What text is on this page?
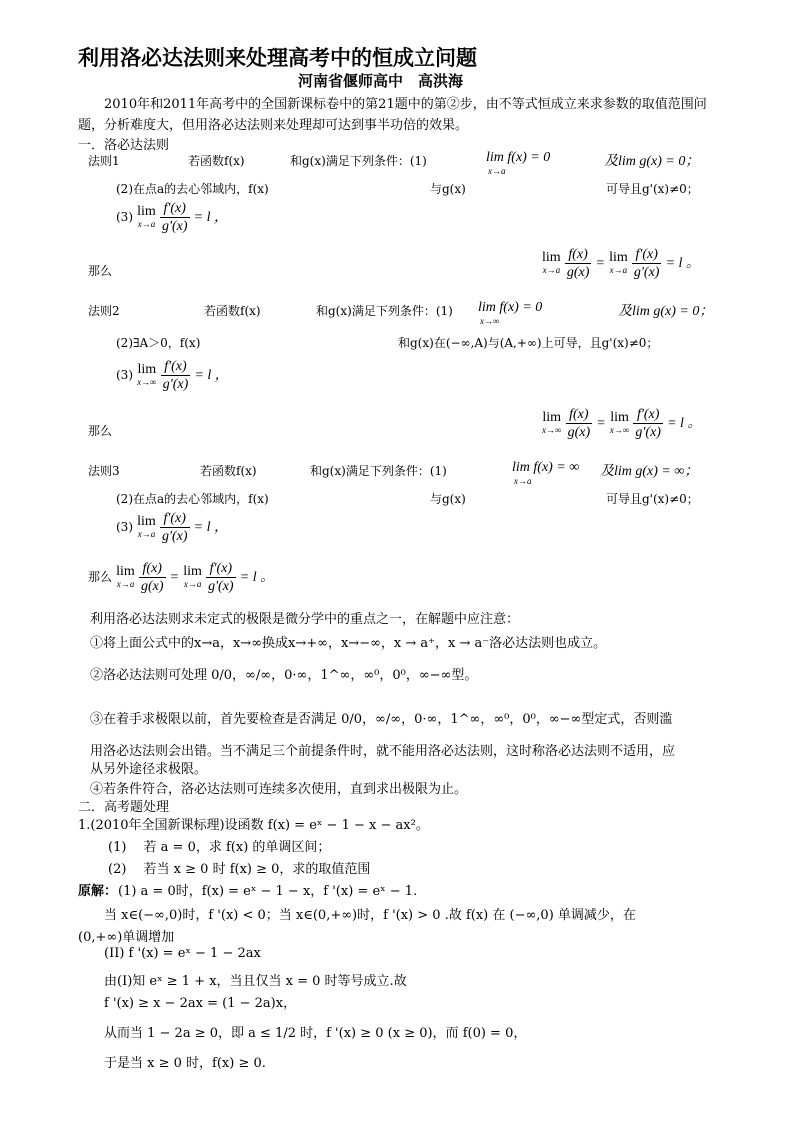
利用洛必达法则来处理高考中的恒成立问题
河南省偃师高中　高洪海
2010年和2011年高考中的全国新课标卷中的第21题中的第②步，由不等式恒成立来求参数的取值范围问题，分析难度大，但用洛必达法则来处理却可达到事半功倍的效果。
一．洛必达法则
法则1	若函数f(x)	和g(x)满足下列条件：(1)	lim f(x) = 0
x→a
及lim g(x) = 0；
(2)在点a的去心邻域内，f(x)	与g(x)	可导且g'(x)≠0；
(3) lim
x→a
$\frac{f'(x)}{g'(x)} = l$ ，
那么
lim
x→a
$\frac{f(x)}{g(x)} = \lim$
x→a
$\frac{f'(x)}{g'(x)} = l$ 。
法则2	若函数f(x)	和g(x)满足下列条件：(1) lim f(x) = 0
x→∞
及lim g(x) = 0；
(2)∃A＞0，f(x)	和g(x)在(−∞,A)与(A,+∞)上可导，且g'(x)≠0；
(3) lim
x→∞
$\frac{f'(x)}{g'(x)} = l$ ，
那么
lim
x→∞
$\frac{f(x)}{g(x)} = \lim$
x→∞
$\frac{f'(x)}{g'(x)} = l$ 。
法则3	若函数f(x)	和g(x)满足下列条件：(1)	lim f(x) = ∞
x→a
及lim g(x) = ∞；
(2)在点a的去心邻域内，f(x)	与g(x)	可导且g'(x)≠0；
(3) lim
x→a
$\frac{f'(x)}{g'(x)} = l$ ，
那么 lim
x→a
$\frac{f(x)}{g(x)} = \lim$
x→a
$\frac{f'(x)}{g'(x)} = l$ 。
利用洛必达法则求未定式的极限是微分学中的重点之一，在解题中应注意：
①将上面公式中的x→a，x→∞换成x→+∞，x→−∞，x → a⁺，x → a⁻洛必达法则也成立。
②洛必达法则可处理 0/0，∞/∞，0·∞，1^∞，∞⁰，0⁰，∞−∞型。
③在着手求极限以前，首先要检查是否满足 0/0，∞/∞，0·∞，1^∞，∞⁰，0⁰，∞−∞型定式，否则滥
用洛必达法则会出错。当不满足三个前提条件时，就不能用洛必达法则，这时称洛必达法则不适用，应
从另外途径求极限。
④若条件符合，洛必达法则可连续多次使用，直到求出极限为止。
二．高考题处理
1.(2010年全国新课标理)设函数 f(x) = eˣ − 1 − x − ax²。
(1)　 若 a = 0，求 f(x) 的单调区间；
(2)　 若当 x ≥ 0 时 f(x) ≥ 0，求的取值范围
原解： (1) a = 0时，f(x) = eˣ − 1 − x，f '(x) = eˣ − 1.
当 x∈(−∞,0)时，f '(x) < 0；当 x∈(0,+∞)时，f '(x) > 0 .故 f(x) 在 (−∞,0) 单调减少，在
(0,+∞)单调增加
(II) f '(x) = eˣ − 1 − 2ax
由(I)知 eˣ ≥ 1 + x，当且仅当 x = 0 时等号成立.故
f '(x) ≥ x − 2ax = (1 − 2a)x，
从而当 1 − 2a ≥ 0，即 a ≤ 1/2 时，f '(x) ≥ 0 (x ≥ 0)，而 f(0) = 0，
于是当 x ≥ 0 时，f(x) ≥ 0.
